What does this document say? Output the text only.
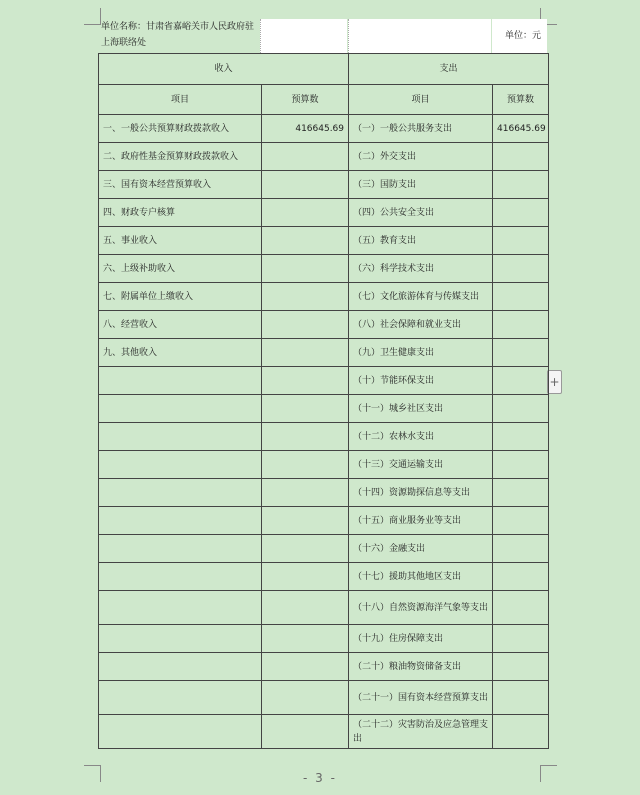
+
单位名称：甘肃省嘉峪关市人民政府驻上海联络处
单位：元
收入		支出	
项目	预算数	项目	预算数
一、一般公共预算财政拨款收入	416645.69	（一）一般公共服务支出	416645.69
二、政府性基金预算财政拨款收入		（二）外交支出	
三、国有资本经营预算收入		（三）国防支出	
四、财政专户核算		（四）公共安全支出	
五、事业收入		（五）教育支出	
六、上级补助收入		（六）科学技术支出	
七、附属单位上缴收入		（七）文化旅游体育与传媒支出	
八、经营收入		（八）社会保障和就业支出	
九、其他收入		（九）卫生健康支出	
		（十）节能环保支出	
		（十一）城乡社区支出	
		（十二）农林水支出	
		（十三）交通运输支出	
		（十四）资源勘探信息等支出	
		（十五）商业服务业等支出	
		（十六）金融支出	
		（十七）援助其他地区支出	
		（十八）自然资源海洋气象等支出	
		（十九）住房保障支出	
		（二十）粮油物资储备支出	
		（二十一）国有资本经营预算支出	
		（二十二）灾害防治及应急管理支出	
- 3 -
